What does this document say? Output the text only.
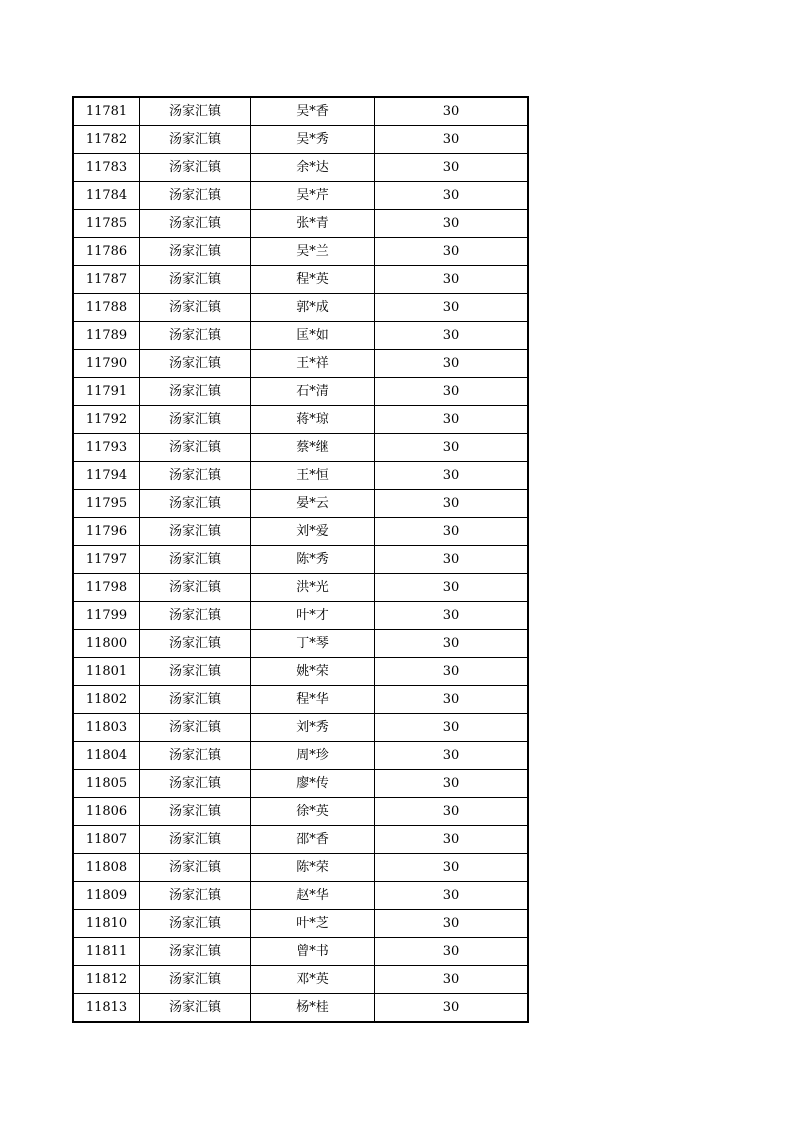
11781	汤家汇镇	吴*香	30
11782	汤家汇镇	吴*秀	30
11783	汤家汇镇	余*达	30
11784	汤家汇镇	吴*芹	30
11785	汤家汇镇	张*青	30
11786	汤家汇镇	吴*兰	30
11787	汤家汇镇	程*英	30
11788	汤家汇镇	郭*成	30
11789	汤家汇镇	匡*如	30
11790	汤家汇镇	王*祥	30
11791	汤家汇镇	石*清	30
11792	汤家汇镇	蒋*琼	30
11793	汤家汇镇	蔡*继	30
11794	汤家汇镇	王*恒	30
11795	汤家汇镇	晏*云	30
11796	汤家汇镇	刘*爱	30
11797	汤家汇镇	陈*秀	30
11798	汤家汇镇	洪*光	30
11799	汤家汇镇	叶*才	30
11800	汤家汇镇	丁*琴	30
11801	汤家汇镇	姚*荣	30
11802	汤家汇镇	程*华	30
11803	汤家汇镇	刘*秀	30
11804	汤家汇镇	周*珍	30
11805	汤家汇镇	廖*传	30
11806	汤家汇镇	徐*英	30
11807	汤家汇镇	邵*香	30
11808	汤家汇镇	陈*荣	30
11809	汤家汇镇	赵*华	30
11810	汤家汇镇	叶*芝	30
11811	汤家汇镇	曾*书	30
11812	汤家汇镇	邓*英	30
11813	汤家汇镇	杨*桂	30
